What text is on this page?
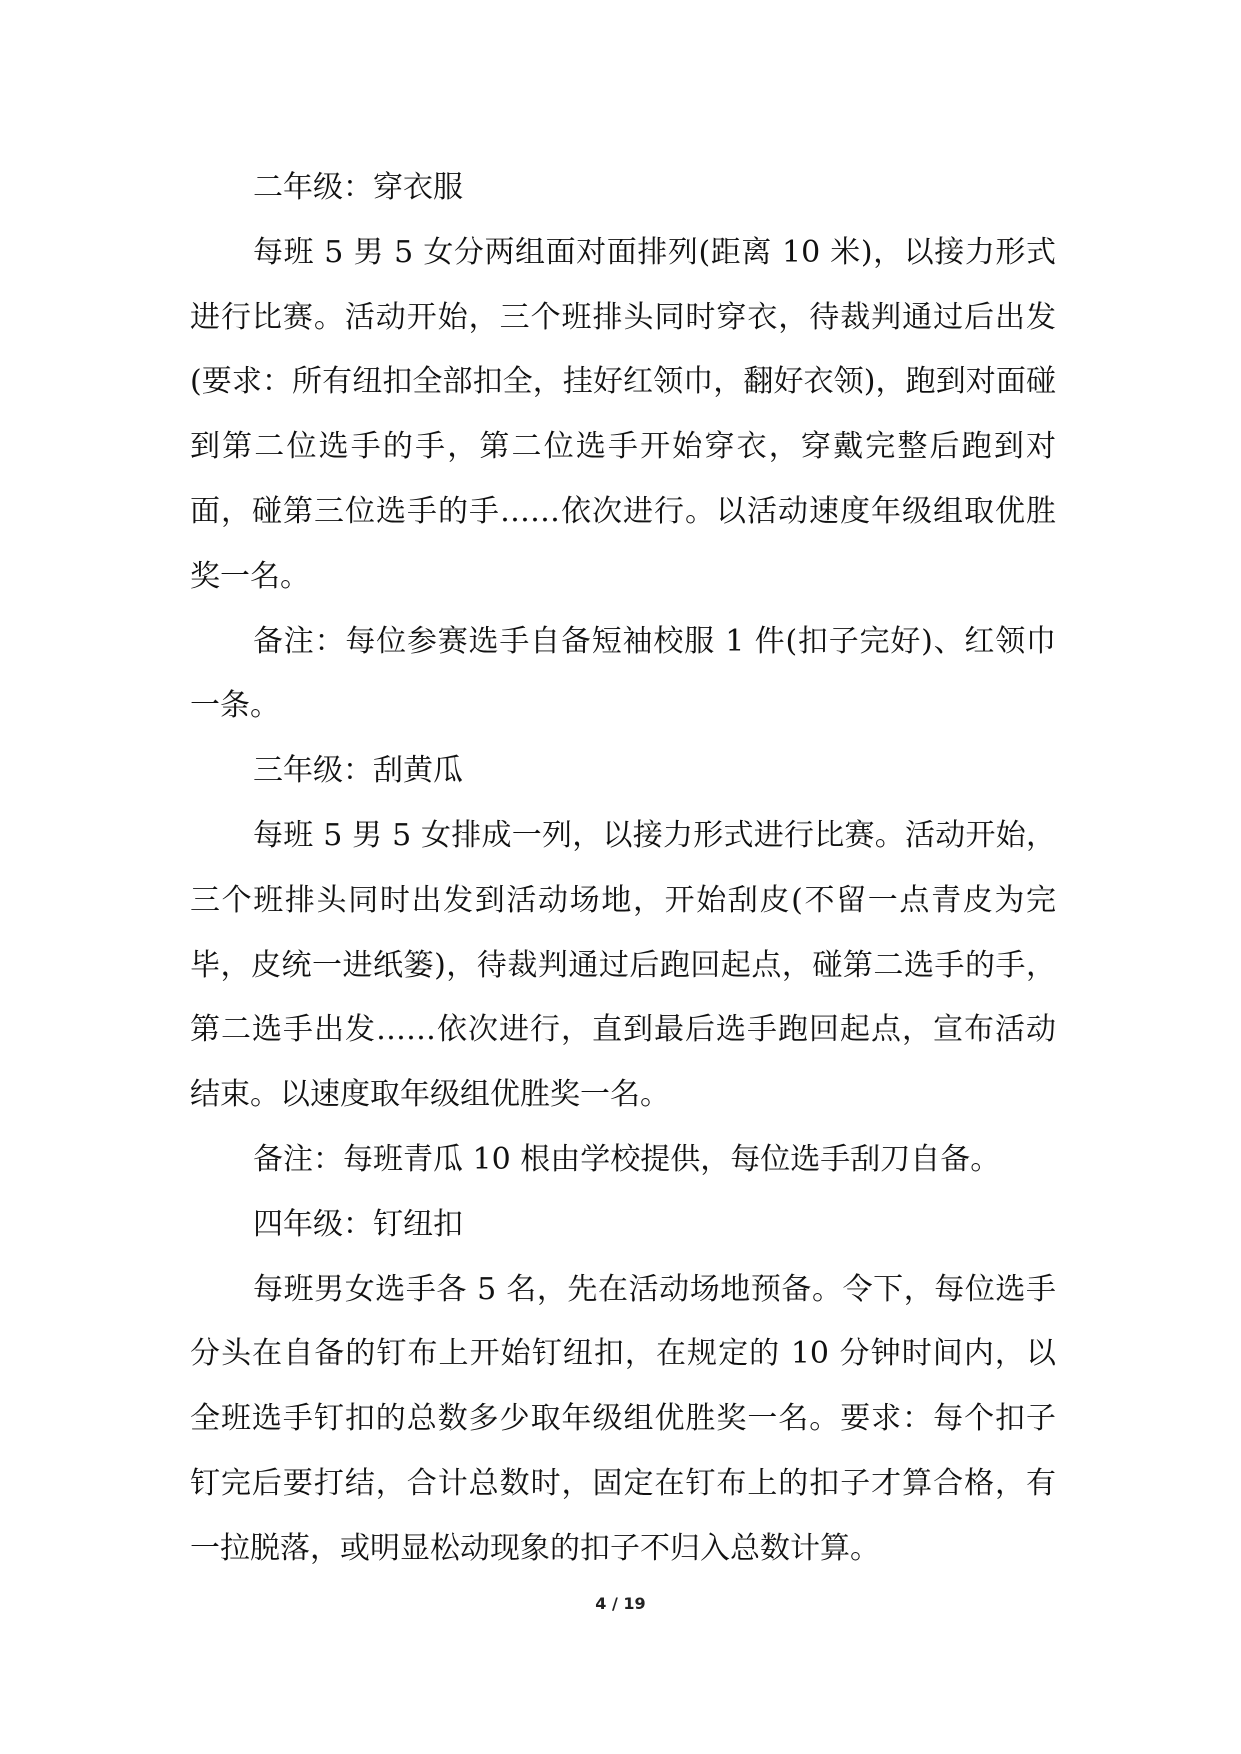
二年级：穿衣服

每班 5 男 5 女分两组面对面排列(距离 10 米)，以接力形式进行比赛。活动开始，三个班排头同时穿衣，待裁判通过后出发(要求：所有纽扣全部扣全，挂好红领巾，翻好衣领)，跑到对面碰到第二位选手的手，第二位选手开始穿衣，穿戴完整后跑到对面，碰第三位选手的手……依次进行。以活动速度年级组取优胜奖一名。

备注：每位参赛选手自备短袖校服 1 件(扣子完好)、红领巾一条。

三年级：刮黄瓜

每班 5 男 5 女排成一列，以接力形式进行比赛。活动开始，三个班排头同时出发到活动场地，开始刮皮(不留一点青皮为完毕，皮统一进纸篓)，待裁判通过后跑回起点，碰第二选手的手，第二选手出发……依次进行，直到最后选手跑回起点，宣布活动结束。以速度取年级组优胜奖一名。

备注：每班青瓜 10 根由学校提供，每位选手刮刀自备。

四年级：钉纽扣

每班男女选手各 5 名，先在活动场地预备。令下，每位选手分头在自备的钉布上开始钉纽扣，在规定的 10 分钟时间内，以全班选手钉扣的总数多少取年级组优胜奖一名。要求：每个扣子钉完后要打结，合计总数时，固定在钉布上的扣子才算合格，有一拉脱落，或明显松动现象的扣子不归入总数计算。

4 / 19
